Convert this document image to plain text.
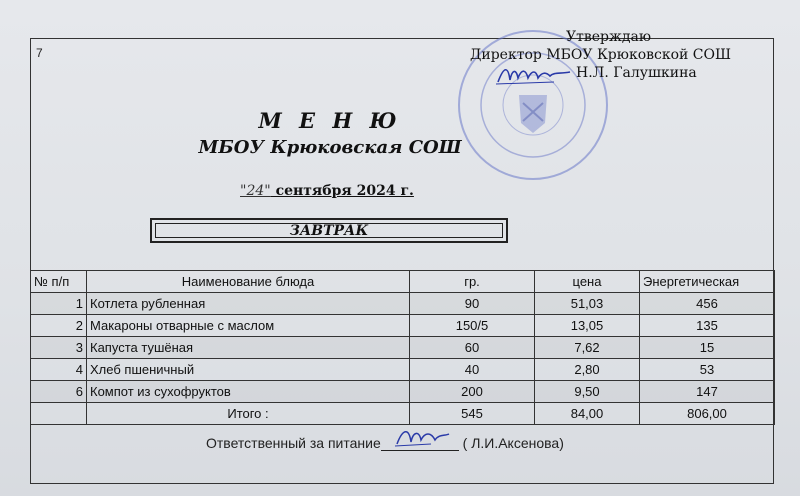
7
Утверждаю
Директор МБОУ Крюковской СОШ
Н.Л. Галушкина
М Е Н Ю
МБОУ Крюковская СОШ
"24" сентября 2024 г.
ЗАВТРАК
№ п/п	Наименование блюда	гр.	цена	Энергетическая
1	Котлета рубленная	90	51,03	456
2	Макароны отварные с маслом	150/5	13,05	135
3	Капуста тушёная	60	7,62	15
4	Хлеб пшеничный	40	2,80	53
6	Компот из сухофруктов	200	9,50	147
	Итого :	545	84,00	806,00
Ответственный за питание	( Л.И.Аксенова)
